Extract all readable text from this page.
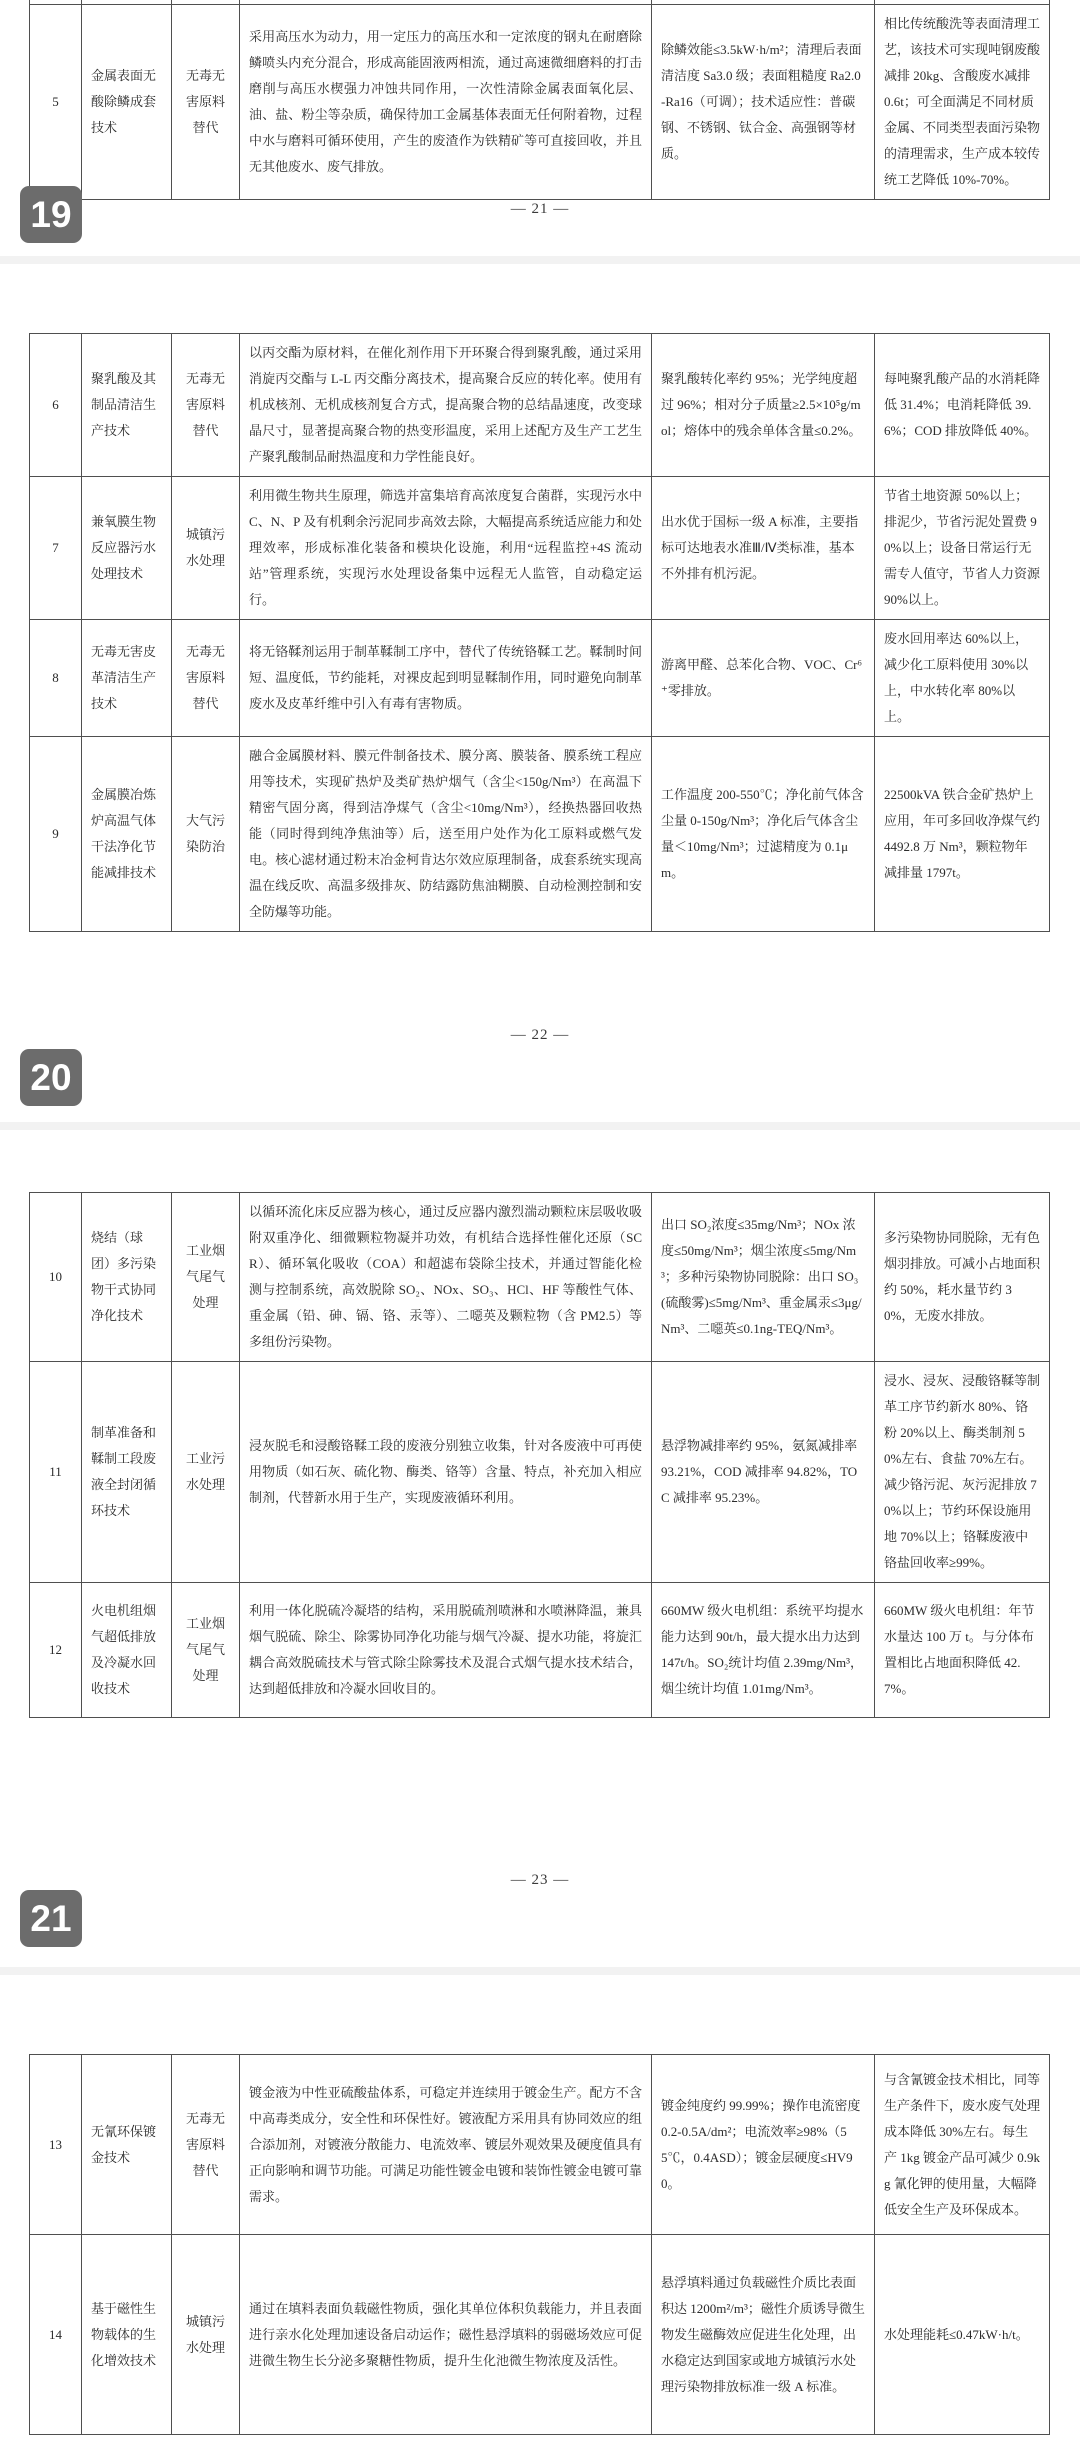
5	金属表面无酸除鳞成套技术	无毒无害原料替代	采用高压水为动力，用一定压力的高压水和一定浓度的钢丸在耐磨除鳞喷头内充分混合，形成高能固液两相流，通过高速微细磨料的打击磨削与高压水楔强力冲蚀共同作用，一次性清除金属表面氧化层、油、盐、粉尘等杂质，确保待加工金属基体表面无任何附着物，过程中水与磨料可循环使用，产生的废渣作为铁精矿等可直接回收，并且无其他废水、废气排放。	除鳞效能≤3.5kW·h/m²；清理后表面清洁度 Sa3.0 级；表面粗糙度 Ra2.0-Ra16（可调）；技术适应性：普碳钢、不锈钢、钛合金、高强钢等材质。	相比传统酸洗等表面清理工艺，该技术可实现吨钢废酸减排 20kg、含酸废水减排 0.6t；可全面满足不同材质金属、不同类型表面污染物的清理需求，生产成本较传统工艺降低 10%-70%。
— 21 —
19
6	聚乳酸及其制品清洁生产技术	无毒无害原料替代	以丙交酯为原材料，在催化剂作用下开环聚合得到聚乳酸，通过采用消旋丙交酯与 L-L 丙交酯分离技术，提高聚合反应的转化率。使用有机成核剂、无机成核剂复合方式，提高聚合物的总结晶速度，改变球晶尺寸，显著提高聚合物的热变形温度，采用上述配方及生产工艺生产聚乳酸制品耐热温度和力学性能良好。	聚乳酸转化率约 95%；光学纯度超过 96%；相对分子质量≥2.5×10⁵g/mol；熔体中的残余单体含量≤0.2%。	每吨聚乳酸产品的水消耗降低 31.4%；电消耗降低 39.6%；COD 排放降低 40%。
7	兼氧膜生物反应器污水处理技术	城镇污水处理	利用微生物共生原理，筛选并富集培育高浓度复合菌群，实现污水中 C、N、P 及有机剩余污泥同步高效去除，大幅提高系统适应能力和处理效率，形成标准化装备和模块化设施，利用“远程监控+4S 流动站”管理系统，实现污水处理设备集中远程无人监管，自动稳定运行。	出水优于国标一级 A 标准，主要指标可达地表水准Ⅲ/Ⅳ类标准，基本不外排有机污泥。	节省土地资源 50%以上；排泥少，节省污泥处置费 90%以上；设备日常运行无需专人值守，节省人力资源 90%以上。
8	无毒无害皮革清洁生产技术	无毒无害原料替代	将无铬鞣剂运用于制革鞣制工序中，替代了传统铬鞣工艺。鞣制时间短、温度低，节约能耗，对裸皮起到明显鞣制作用，同时避免向制革废水及皮革纤维中引入有毒有害物质。	游离甲醛、总苯化合物、VOC、Cr⁶⁺零排放。	废水回用率达 60%以上，减少化工原料使用 30%以上，中水转化率 80%以上。
9	金属膜冶炼炉高温气体干法净化节能减排技术	大气污染防治	融合金属膜材料、膜元件制备技术、膜分离、膜装备、膜系统工程应用等技术，实现矿热炉及类矿热炉烟气（含尘<150g/Nm³）在高温下精密气固分离，得到洁净煤气（含尘<10mg/Nm³），经换热器回收热能（同时得到纯净焦油等）后，送至用户处作为化工原料或燃气发电。核心滤材通过粉末冶金柯肯达尔效应原理制备，成套系统实现高温在线反吹、高温多级排灰、防结露防焦油糊膜、自动检测控制和安全防爆等功能。	工作温度 200-550℃；净化前气体含尘量 0-150g/Nm³；净化后气体含尘量＜10mg/Nm³；过滤精度为 0.1μm。	22500kVA 铁合金矿热炉上应用，年可多回收净煤气约 4492.8 万 Nm³，颗粒物年减排量 1797t。
— 22 —
20
10	烧结（球团）多污染物干式协同净化技术	工业烟气尾气处理	以循环流化床反应器为核心，通过反应器内激烈湍动颗粒床层吸收吸附双重净化、细微颗粒物凝并功效，有机结合选择性催化还原（SCR）、循环氧化吸收（COA）和超滤布袋除尘技术，并通过智能化检测与控制系统，高效脱除 SO₂、NOx、SO₃、HCl、HF 等酸性气体、重金属（铅、砷、镉、铬、汞等）、二噁英及颗粒物（含 PM2.5）等多组份污染物。	出口 SO₂浓度≤35mg/Nm³；NOx 浓度≤50mg/Nm³；烟尘浓度≤5mg/Nm³；多种污染物协同脱除：出口 SO₃(硫酸雾)≤5mg/Nm³、重金属汞≤3μg/Nm³、二噁英≤0.1ng-TEQ/Nm³。	多污染物协同脱除，无有色烟羽排放。可减小占地面积约 50%，耗水量节约 30%，无废水排放。
11	制革准备和鞣制工段废液全封闭循环技术	工业污水处理	浸灰脱毛和浸酸铬鞣工段的废液分别独立收集，针对各废液中可再使用物质（如石灰、硫化物、酶类、铬等）含量、特点，补充加入相应制剂，代替新水用于生产，实现废液循环利用。	悬浮物减排率约 95%，氨氮减排率 93.21%，COD 减排率 94.82%，TOC 减排率 95.23%。	浸水、浸灰、浸酸铬鞣等制革工序节约新水 80%、铬粉 20%以上、酶类制剂 50%左右、食盐 70%左右。减少铬污泥、灰污泥排放 70%以上；节约环保设施用地 70%以上；铬鞣废液中铬盐回收率≥99%。
12	火电机组烟气超低排放及冷凝水回收技术	工业烟气尾气处理	利用一体化脱硫冷凝塔的结构，采用脱硫剂喷淋和水喷淋降温，兼具烟气脱硫、除尘、除雾协同净化功能与烟气冷凝、提水功能，将旋汇耦合高效脱硫技术与管式除尘除雾技术及混合式烟气提水技术结合，达到超低排放和冷凝水回收目的。	660MW 级火电机组：系统平均提水能力达到 90t/h，最大提水出力达到 147t/h。SO₂统计均值 2.39mg/Nm³，烟尘统计均值 1.01mg/Nm³。	660MW 级火电机组：年节水量达 100 万 t。与分体布置相比占地面积降低 42.7%。
— 23 —
21
13	无氰环保镀金技术	无毒无害原料替代	镀金液为中性亚硫酸盐体系，可稳定并连续用于镀金生产。配方不含中高毒类成分，安全性和环保性好。镀液配方采用具有协同效应的组合添加剂，对镀液分散能力、电流效率、镀层外观效果及硬度值具有正向影响和调节功能。可满足功能性镀金电镀和装饰性镀金电镀可靠需求。	镀金纯度约 99.99%；操作电流密度 0.2-0.5A/dm²；电流效率≥98%（55℃，0.4ASD）；镀金层硬度≤HV90。	与含氰镀金技术相比，同等生产条件下，废水废气处理成本降低 30%左右。每生产 1kg 镀金产品可减少 0.9kg 氰化钾的使用量，大幅降低安全生产及环保成本。
14	基于磁性生物载体的生化增效技术	城镇污水处理	通过在填料表面负载磁性物质，强化其单位体积负载能力，并且表面进行亲水化处理加速设备启动运作；磁性悬浮填料的弱磁场效应可促进微生物生长分泌多聚糖性物质，提升生化池微生物浓度及活性。	悬浮填料通过负载磁性介质比表面积达 1200m²/m³；磁性介质诱导微生物发生磁酶效应促进生化处理，出水稳定达到国家或地方城镇污水处理污染物排放标准一级 A 标准。	水处理能耗≤0.47kW·h/t。
